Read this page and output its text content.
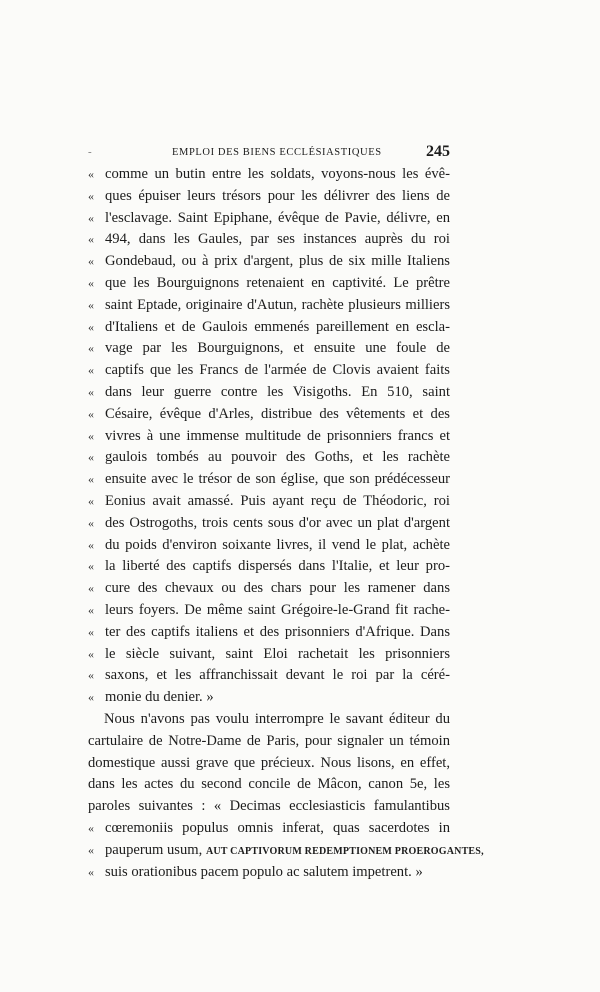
-	EMPLOI DES BIENS ECCLÉSIASTIQUES	245
« comme un butin entre les soldats, voyons-nous les évê-
« ques épuiser leurs trésors pour les délivrer des liens de
« l'esclavage. Saint Epiphane, évêque de Pavie, délivre, en
« 494, dans les Gaules, par ses instances auprès du roi
« Gondebaud, ou à prix d'argent, plus de six mille Italiens
« que les Bourguignons retenaient en captivité. Le prêtre
« saint Eptade, originaire d'Autun, rachète plusieurs milliers
« d'Italiens et de Gaulois emmenés pareillement en escla-
« vage par les Bourguignons, et ensuite une foule de
« captifs que les Francs de l'armée de Clovis avaient faits
« dans leur guerre contre les Visigoths. En 510, saint
« Césaire, évêque d'Arles, distribue des vêtements et des
« vivres à une immense multitude de prisonniers francs et
« gaulois tombés au pouvoir des Goths, et les rachète
« ensuite avec le trésor de son église, que son prédécesseur
« Eonius avait amassé. Puis ayant reçu de Théodoric, roi
« des Ostrogoths, trois cents sous d'or avec un plat d'argent
« du poids d'environ soixante livres, il vend le plat, achète
« la liberté des captifs dispersés dans l'Italie, et leur pro-
« cure des chevaux ou des chars pour les ramener dans
« leurs foyers. De même saint Grégoire-le-Grand fit rache-
« ter des captifs italiens et des prisonniers d'Afrique. Dans
« le siècle suivant, saint Eloi rachetait les prisonniers
« saxons, et les affranchissait devant le roi par la céré-
« monie du denier. »
Nous n'avons pas voulu interrompre le savant éditeur du
cartulaire de Notre-Dame de Paris, pour signaler un témoin
domestique aussi grave que précieux. Nous lisons, en effet,
dans les actes du second concile de Mâcon, canon 5e, les
paroles suivantes : « Decimas ecclesiasticis famulantibus
« cœremoniis populus omnis inferat, quas sacerdotes in
« pauperum usum, AUT CAPTIVORUM REDEMPTIONEM PROEROGANTES,
« suis orationibus pacem populo ac salutem impetrent. »
